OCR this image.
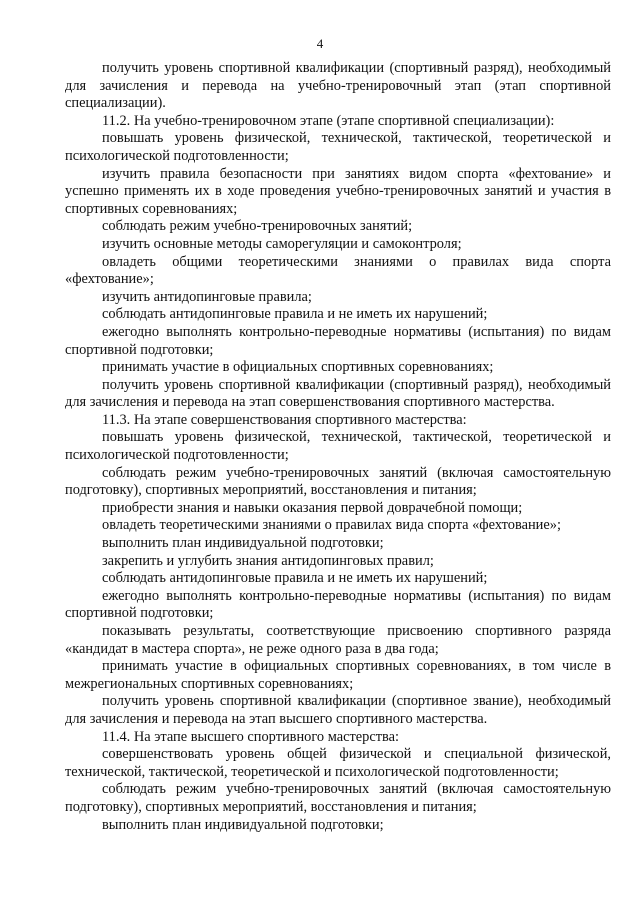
4

получить уровень спортивной квалификации (спортивный разряд), необходимый для зачисления и перевода на учебно-тренировочный этап (этап спортивной специализации).

11.2. На учебно-тренировочном этапе (этапе спортивной специализации):

повышать уровень физической, технической, тактической, теоретической и психологической подготовленности;

изучить правила безопасности при занятиях видом спорта «фехтование» и успешно применять их в ходе проведения учебно-тренировочных занятий и участия в спортивных соревнованиях;

соблюдать режим учебно-тренировочных занятий;

изучить основные методы саморегуляции и самоконтроля;

овладеть общими теоретическими знаниями о правилах вида спорта «фехтование»;

изучить антидопинговые правила;

соблюдать антидопинговые правила и не иметь их нарушений;

ежегодно выполнять контрольно-переводные нормативы (испытания) по видам спортивной подготовки;

принимать участие в официальных спортивных соревнованиях;

получить уровень спортивной квалификации (спортивный разряд), необходимый для зачисления и перевода на этап совершенствования спортивного мастерства.

11.3. На этапе совершенствования спортивного мастерства:

повышать уровень физической, технической, тактической, теоретической и психологической подготовленности;

соблюдать режим учебно-тренировочных занятий (включая самостоятельную подготовку), спортивных мероприятий, восстановления и питания;

приобрести знания и навыки оказания первой доврачебной помощи;

овладеть теоретическими знаниями о правилах вида спорта «фехтование»;

выполнить план индивидуальной подготовки;

закрепить и углубить знания антидопинговых правил;

соблюдать антидопинговые правила и не иметь их нарушений;

ежегодно выполнять контрольно-переводные нормативы (испытания) по видам спортивной подготовки;

показывать результаты, соответствующие присвоению спортивного разряда «кандидат в мастера спорта», не реже одного раза в два года;

принимать участие в официальных спортивных соревнованиях, в том числе в межрегиональных спортивных соревнованиях;

получить уровень спортивной квалификации (спортивное звание), необходимый для зачисления и перевода на этап высшего спортивного мастерства.

11.4. На этапе высшего спортивного мастерства:

совершенствовать уровень общей физической и специальной физической, технической, тактической, теоретической и психологической подготовленности;

соблюдать режим учебно-тренировочных занятий (включая самостоятельную подготовку), спортивных мероприятий, восстановления и питания;

выполнить план индивидуальной подготовки;
